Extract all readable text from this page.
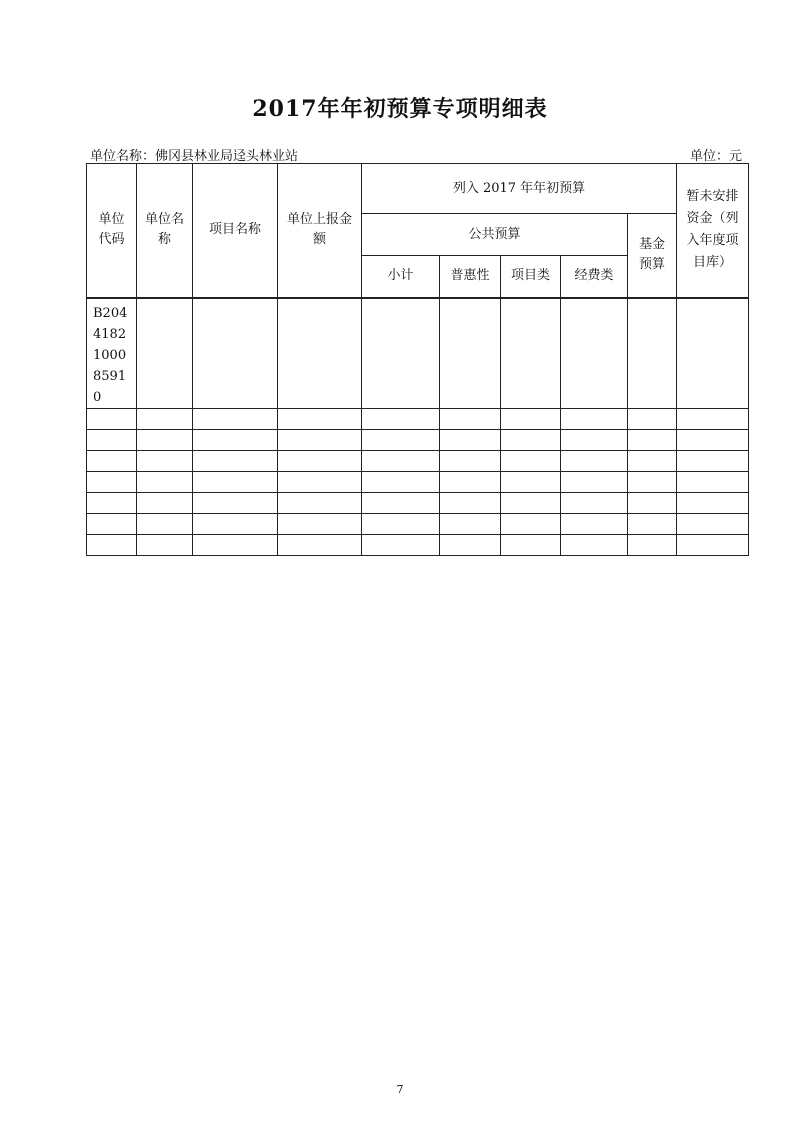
2017年年初预算专项明细表
单位名称：佛冈县林业局迳头林业站	单位：元
单位代码	单位名称	项目名称	单位上报金额	列入 2017 年年初预算					暂未安排资金（列入年度项目库）

				公共预算				基金预算	

				小计	普惠性	项目类	经费类		

B204418210008591 0									

7
